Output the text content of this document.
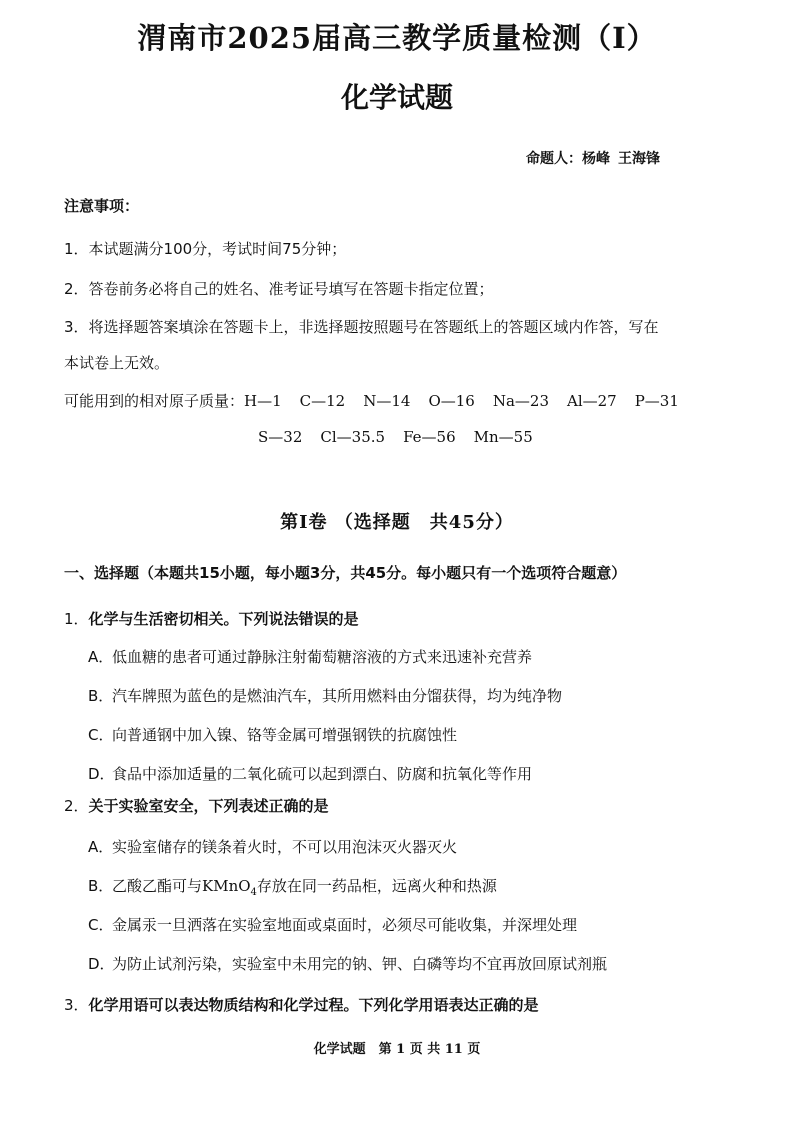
渭南市2025届高三教学质量检测（I）
化学试题
命题人：杨峰 王海锋
注意事项：
1．本试题满分100分，考试时间75分钟；
2．答卷前务必将自己的姓名、准考证号填写在答题卡指定位置；
3．将选择题答案填涂在答题卡上，非选择题按照题号在答题纸上的答题区域内作答，写在
本试卷上无效。
可能用到的相对原子质量：H—1 C—12 N—14 O—16 Na—23 Al—27 P—31
S—32 Cl—35.5 Fe—56 Mn—55
第Ⅰ卷 （选择题　共45分）
一、选择题（本题共15小题，每小题3分，共45分。每小题只有一个选项符合题意）
1．化学与生活密切相关。下列说法错误的是
A．低血糖的患者可通过静脉注射葡萄糖溶液的方式来迅速补充营养
B．汽车牌照为蓝色的是燃油汽车，其所用燃料由分馏获得，均为纯净物
C．向普通钢中加入镍、铬等金属可增强钢铁的抗腐蚀性
D．食品中添加适量的二氧化硫可以起到漂白、防腐和抗氧化等作用
2．关于实验室安全，下列表述正确的是
A．实验室储存的镁条着火时，不可以用泡沫灭火器灭火
B．乙酸乙酯可与KMnO$_4$存放在同一药品柜，远离火种和热源
C．金属汞一旦洒落在实验室地面或桌面时，必须尽可能收集，并深埋处理
D．为防止试剂污染，实验室中未用完的钠、钾、白磷等均不宜再放回原试剂瓶
3．化学用语可以表达物质结构和化学过程。下列化学用语表达正确的是
化学试题　第 1 页 共 11 页
